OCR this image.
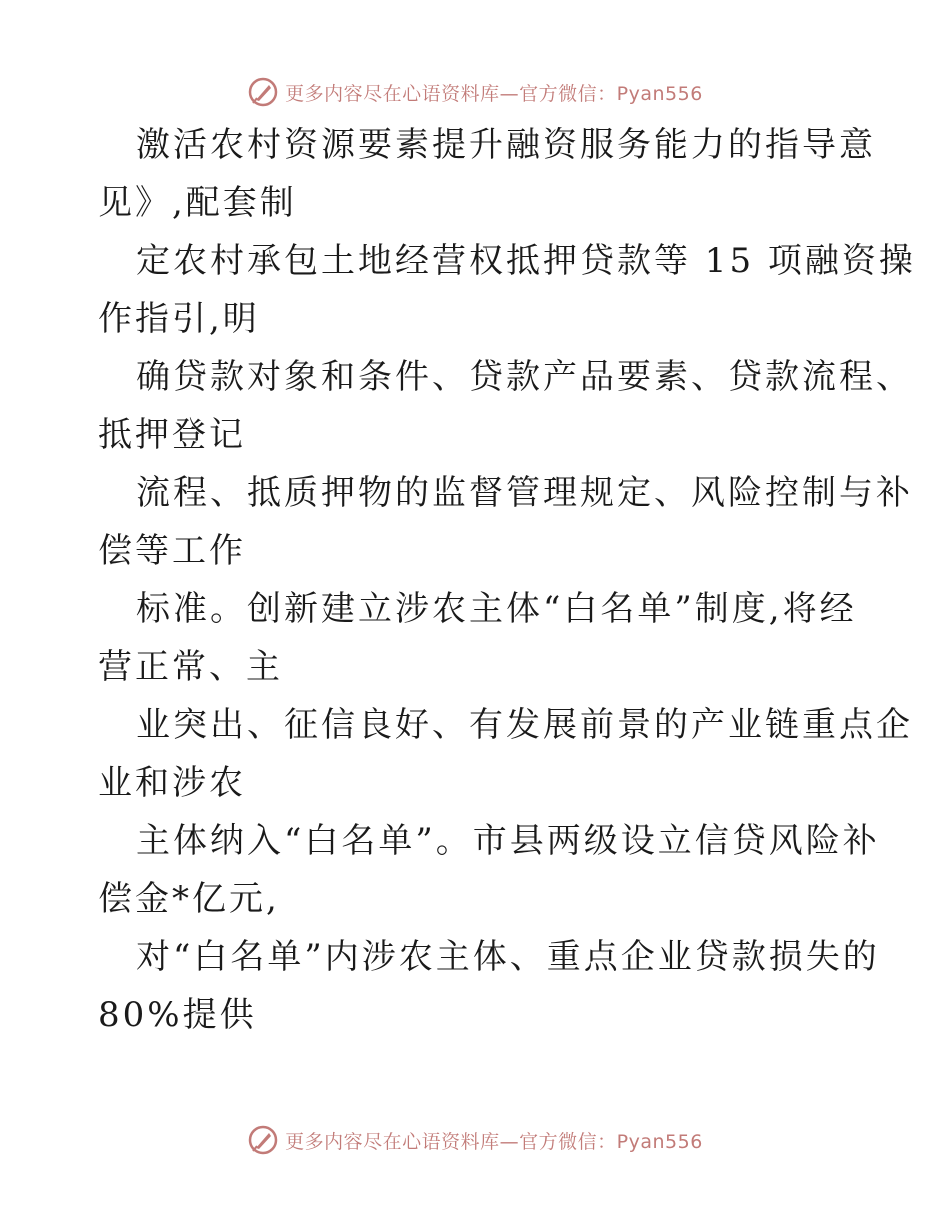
更多内容尽在心语资料库—官方微信：Pyan556
激活农村资源要素提升融资服务能力的指导意
见》,配套制
定农村承包土地经营权抵押贷款等 15 项融资操
作指引,明
确贷款对象和条件、贷款产品要素、贷款流程、
抵押登记
流程、抵质押物的监督管理规定、风险控制与补
偿等工作
标准。创新建立涉农主体“白名单”制度,将经
营正常、主
业突出、征信良好、有发展前景的产业链重点企
业和涉农
主体纳入“白名单”。市县两级设立信贷风险补
偿金*亿元,
对“白名单”内涉农主体、重点企业贷款损失的
80%提供
更多内容尽在心语资料库—官方微信：Pyan556
